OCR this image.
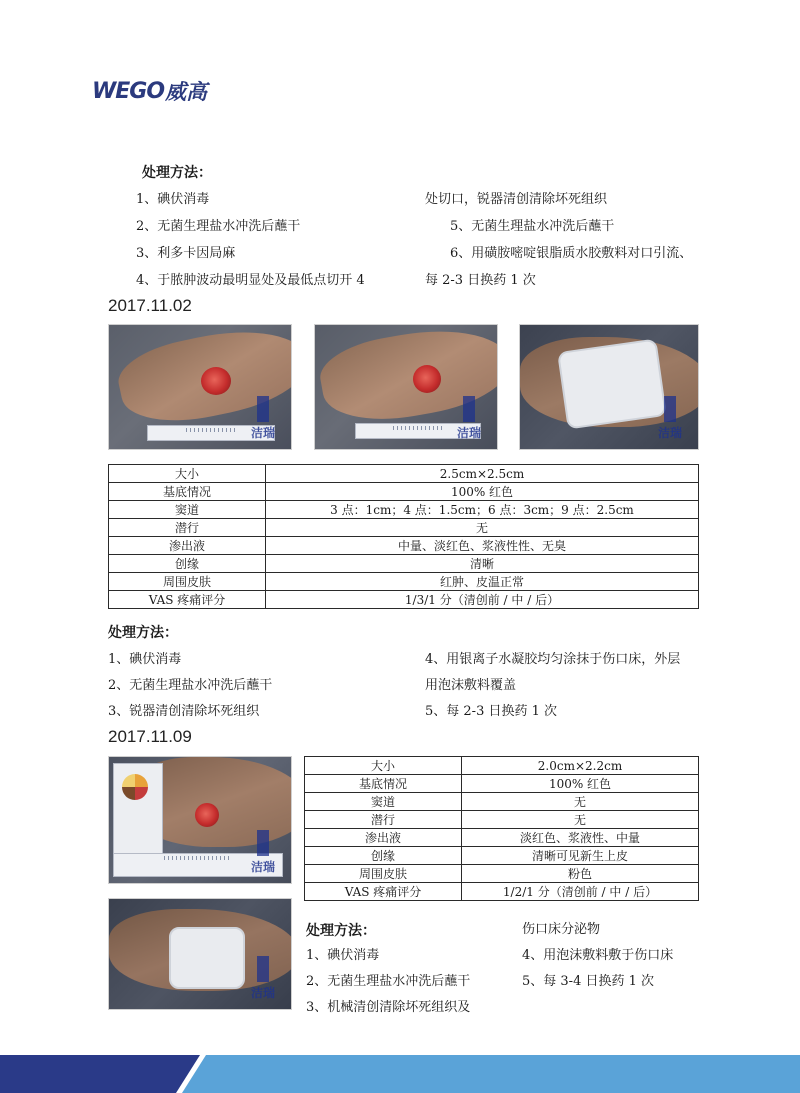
WEGO 威高
处理方法：
1、碘伏消毒
2、无菌生理盐水冲洗后蘸干
3、利多卡因局麻
4、于脓肿波动最明显处及最低点切开 4
处切口，锐器清创清除坏死组织
5、无菌生理盐水冲洗后蘸干
6、用磺胺嘧啶银脂质水胶敷料对口引流、
每 2-3 日换药 1 次
2017.11.02
洁瑞	洁瑞	洁瑞
大小	2.5cm×2.5cm
基底情况	100% 红色
窦道	3 点：1cm；4 点：1.5cm；6 点：3cm；9 点：2.5cm
潜行	无
渗出液	中量、淡红色、浆液性性、无臭
创缘	清晰
周围皮肤	红肿、皮温正常
VAS 疼痛评分	1/3/1 分（清创前 / 中 / 后）
处理方法：
1、碘伏消毒
2、无菌生理盐水冲洗后蘸干
3、锐器清创清除坏死组织
4、用银离子水凝胶均匀涂抹于伤口床，外层
用泡沫敷料覆盖
5、每 2-3 日换药 1 次
2017.11.09
洁瑞
大小	2.0cm×2.2cm
基底情况	100% 红色
窦道	无
潜行	无
渗出液	淡红色、浆液性、中量
创缘	清晰可见新生上皮
周围皮肤	粉色
VAS 疼痛评分	1/2/1 分（清创前 / 中 / 后）
洁瑞
处理方法：
1、碘伏消毒
2、无菌生理盐水冲洗后蘸干
3、机械清创清除坏死组织及
伤口床分泌物
4、用泡沫敷料敷于伤口床
5、每 3-4 日换药 1 次
